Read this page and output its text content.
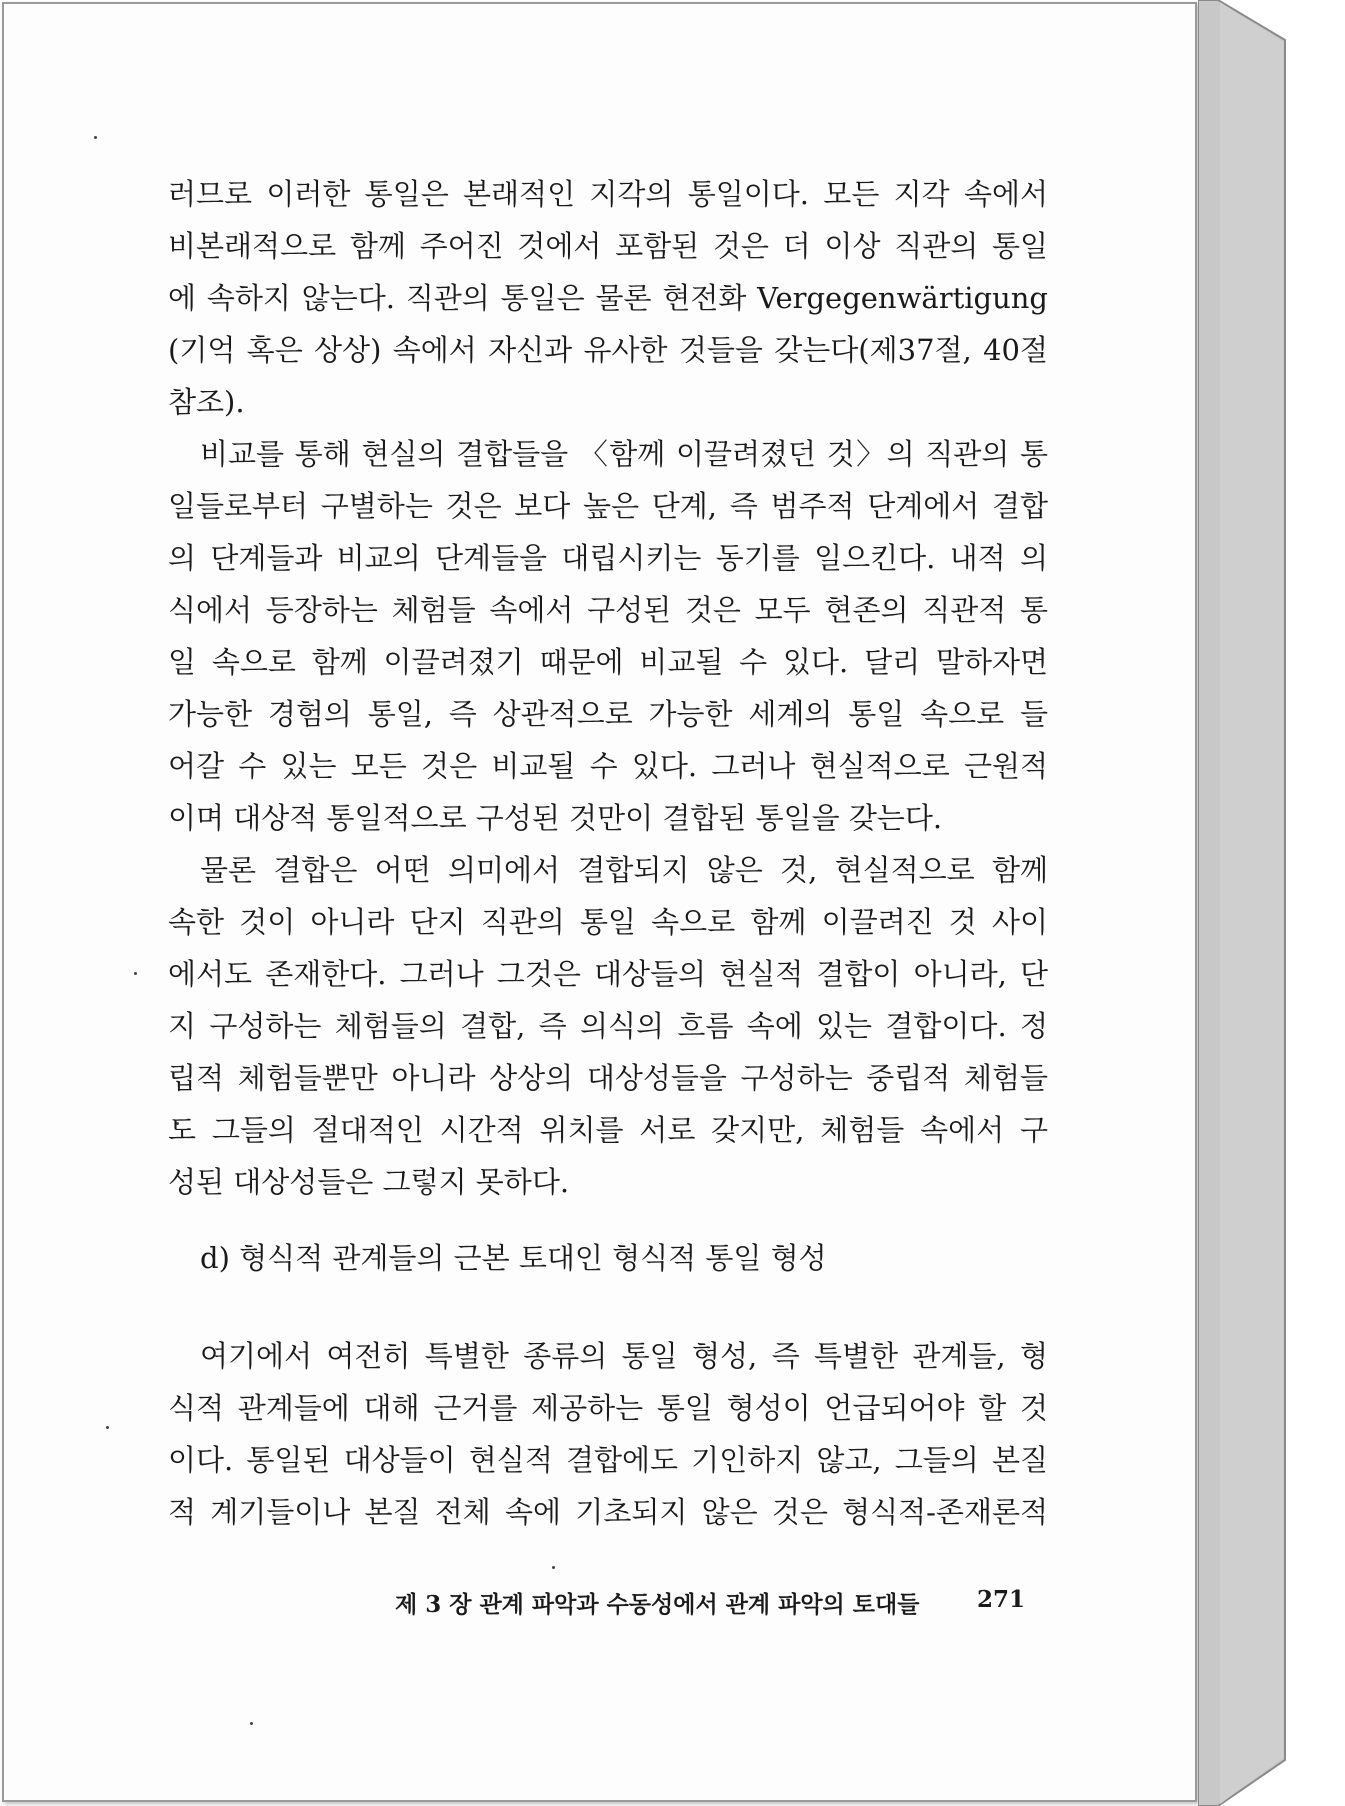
러므로 이러한 통일은 본래적인 지각의 통일이다. 모든 지각 속에서
비본래적으로 함께 주어진 것에서 포함된 것은 더 이상 직관의 통일
에 속하지 않는다. 직관의 통일은 물론 현전화 Vergegenwärtigung
(기억 혹은 상상) 속에서 자신과 유사한 것들을 갖는다(제37절, 40절
참조).
비교를 통해 현실의 결합들을 〈함께 이끌려졌던 것〉의 직관의 통
일들로부터 구별하는 것은 보다 높은 단계, 즉 범주적 단계에서 결합
의 단계들과 비교의 단계들을 대립시키는 동기를 일으킨다. 내적 의
식에서 등장하는 체험들 속에서 구성된 것은 모두 현존의 직관적 통
일 속으로 함께 이끌려졌기 때문에 비교될 수 있다. 달리 말하자면
가능한 경험의 통일, 즉 상관적으로 가능한 세계의 통일 속으로 들
어갈 수 있는 모든 것은 비교될 수 있다. 그러나 현실적으로 근원적
이며 대상적 통일적으로 구성된 것만이 결합된 통일을 갖는다.
물론 결합은 어떤 의미에서 결합되지 않은 것, 현실적으로 함께
속한 것이 아니라 단지 직관의 통일 속으로 함께 이끌려진 것 사이
에서도 존재한다. 그러나 그것은 대상들의 현실적 결합이 아니라, 단
지 구성하는 체험들의 결합, 즉 의식의 흐름 속에 있는 결합이다. 정
립적 체험들뿐만 아니라 상상의 대상성들을 구성하는 중립적 체험들
도 그들의 절대적인 시간적 위치를 서로 갖지만, 체험들 속에서 구
성된 대상성들은 그렇지 못하다.
d) 형식적 관계들의 근본 토대인 형식적 통일 형성
여기에서 여전히 특별한 종류의 통일 형성, 즉 특별한 관계들, 형
식적 관계들에 대해 근거를 제공하는 통일 형성이 언급되어야 할 것
이다. 통일된 대상들이 현실적 결합에도 기인하지 않고, 그들의 본질
적 계기들이나 본질 전체 속에 기초되지 않은 것은 형식적-존재론적
제 3 장 관계 파악과 수동성에서 관계 파악의 토대들	271
